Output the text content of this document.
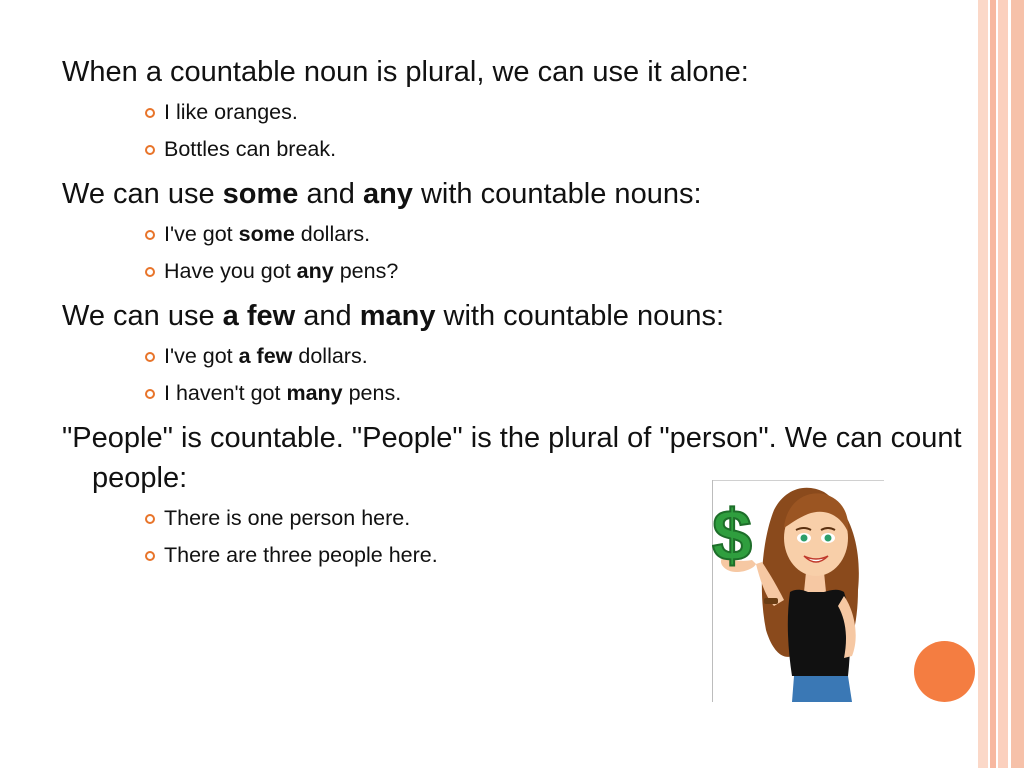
When a countable noun is plural, we can use it alone:

I like oranges.
Bottles can break.

We can use some and any with countable nouns:

I've got some dollars.
Have you got any pens?

We can use a few and many with countable nouns:

I've got a few dollars.
I haven't got many pens.

"People" is countable. "People" is the plural of "person". We can count people:

There is one person here.
There are three people here.	$
